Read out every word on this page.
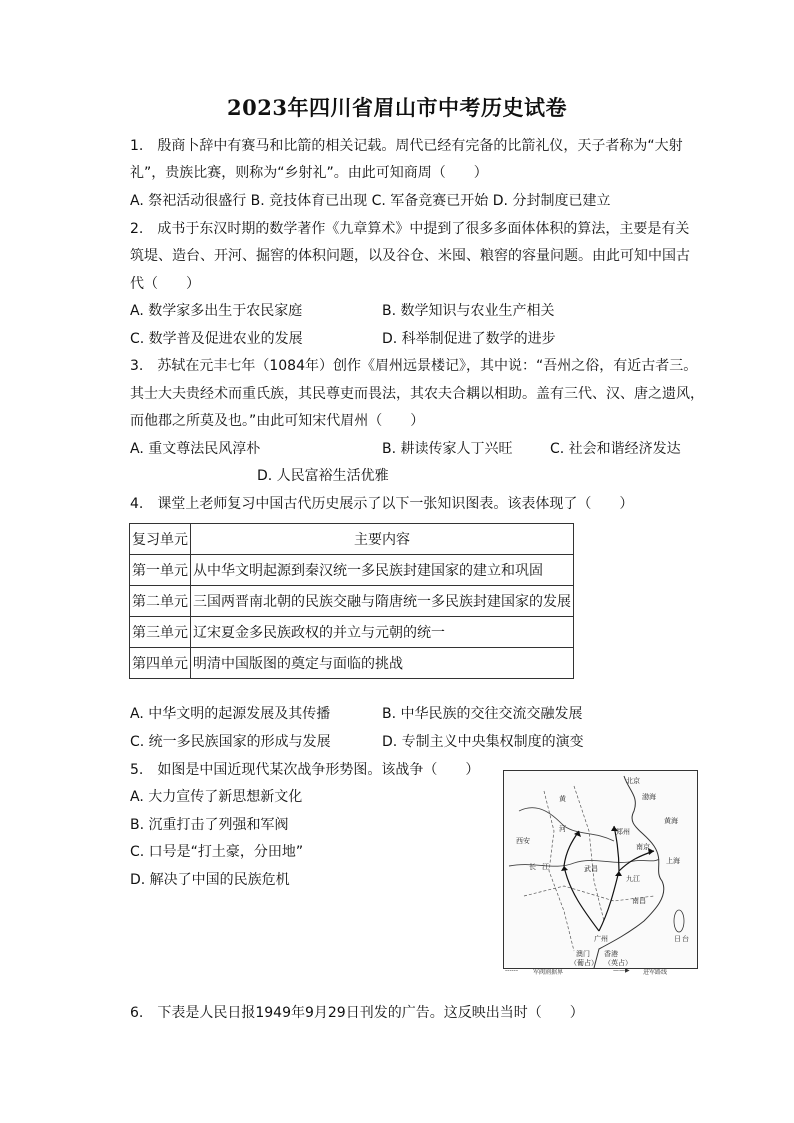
2023年四川省眉山市中考历史试卷
1.　殷商卜辞中有赛马和比箭的相关记载。周代已经有完备的比箭礼仪，天子者称为“大射
礼”，贵族比赛，则称为“乡射礼”。由此可知商周（　　）
A. 祭祀活动很盛行 B. 竞技体育已出现 C. 军备竞赛已开始 D. 分封制度已建立
2.　成书于东汉时期的数学著作《九章算术》中提到了很多多面体体积的算法，主要是有关
筑堤、造台、开河、掘窖的体积问题，以及谷仓、米囤、粮窖的容量问题。由此可知中国古
代（　　）
A. 数学家多出生于农民家庭	B. 数学知识与农业生产相关
C. 数学普及促进农业的发展	D. 科举制促进了数学的进步
3.　苏轼在元丰七年（1084年）创作《眉州远景楼记》，其中说：“吾州之俗，有近古者三。
其士大夫贵经术而重氏族，其民尊吏而畏法，其农夫合耦以相助。盖有三代、汉、唐之遗风，
而他郡之所莫及也。”由此可知宋代眉州（　　）
A. 重文尊法民风淳朴	B. 耕读传家人丁兴旺	C. 社会和谐经济发达
D. 人民富裕生活优雅
4.　课堂上老师复习中国古代历史展示了以下一张知识图表。该表体现了（　　）
复习单元	主要内容
第一单元	从中华文明起源到秦汉统一多民族封建国家的建立和巩固
第二单元	三国两晋南北朝的民族交融与隋唐统一多民族封建国家的发展
第三单元	辽宋夏金多民族政权的并立与元朝的统一
第四单元	明清中国版图的奠定与面临的挑战
A. 中华文明的起源发展及其传播	B. 中华民族的交往交流交融发展
C. 统一多民族国家的形成与发展	D. 专制主义中央集权制度的演变
5.　如图是中国近现代某次战争形势图。该战争（　　）
A. 大力宣传了新思想新文化
B. 沉重打击了列强和军阀
C. 口号是“打土豪，分田地”
D. 解决了中国的民族危机
北京
渤海
黄海
黄
河	郑州
南京
上海
西安
长 江	武昌
九江
南昌
广州
香港
澳门
日 台
（葡占） （英占）
------	军阀割据界	——▶ 进军路线
6.　下表是人民日报1949年9月29日刊发的广告。这反映出当时（　　）
